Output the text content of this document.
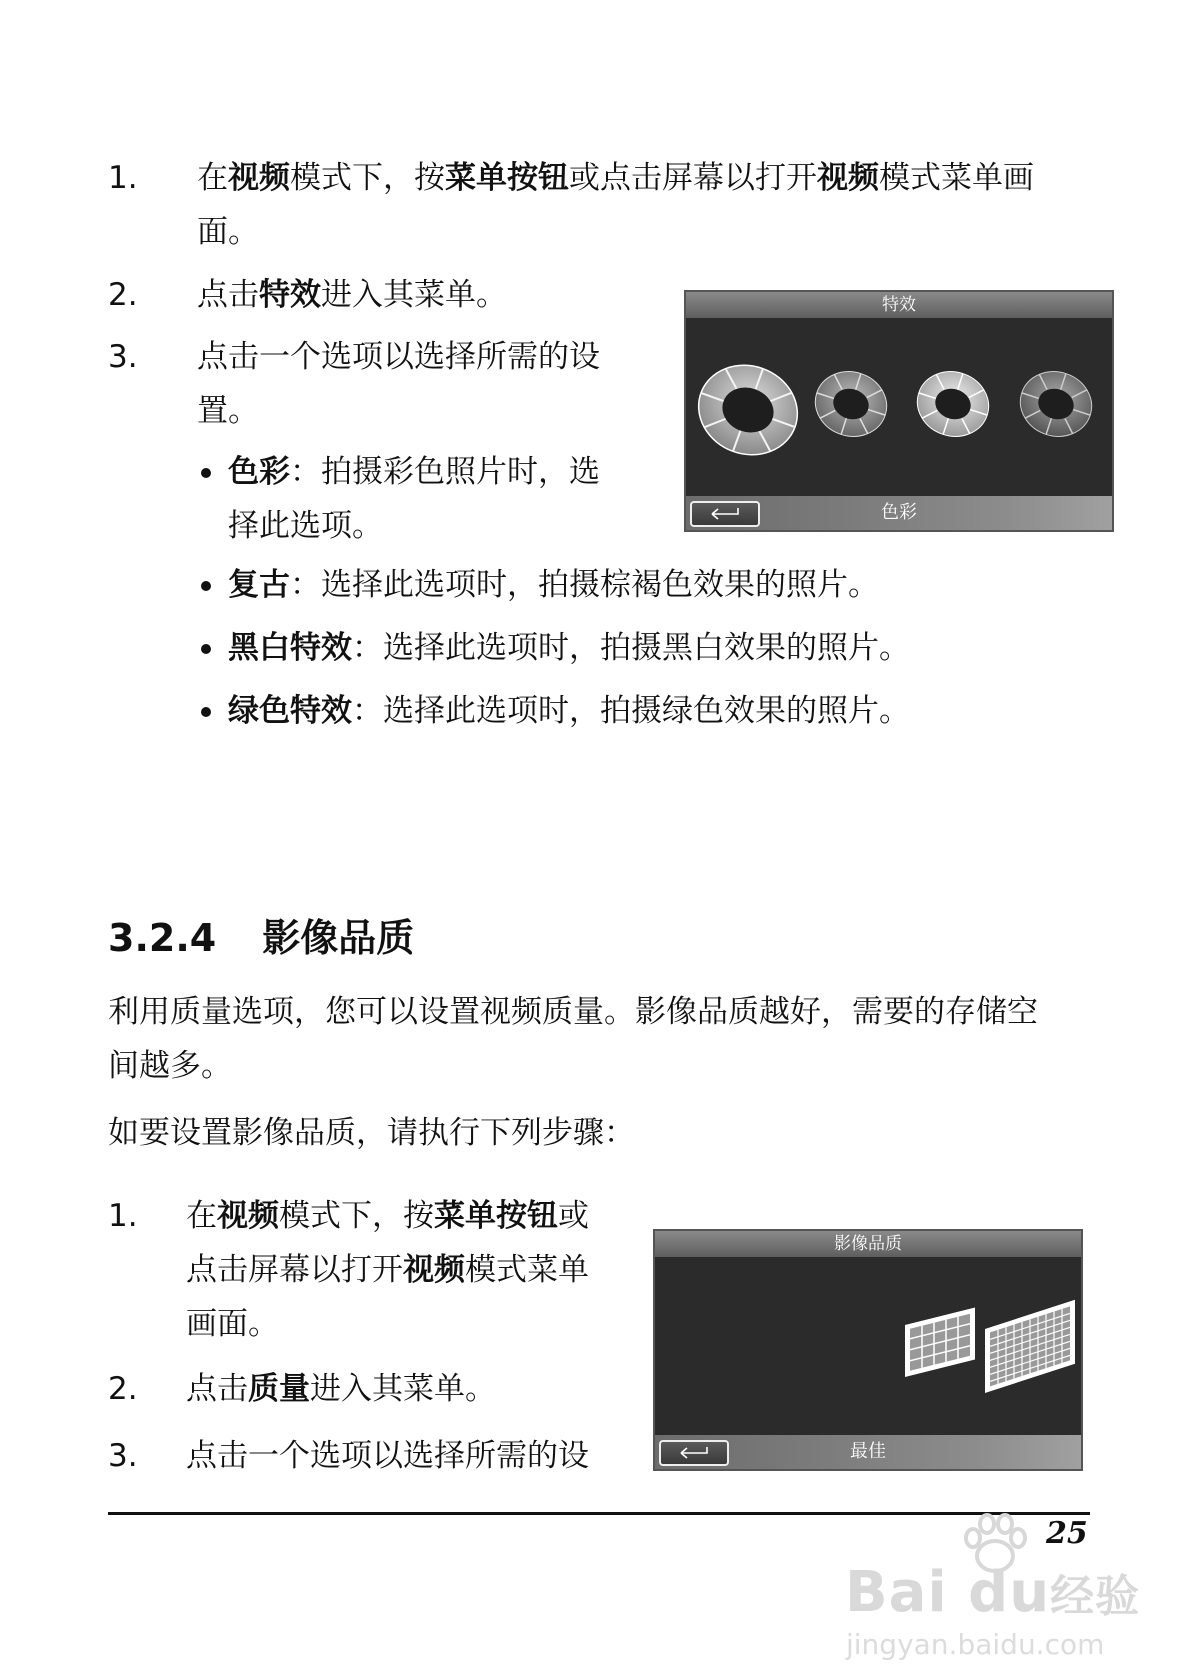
1. 在视频模式下，按菜单按钮或点击屏幕以打开视频模式菜单画
面。
2. 点击特效进入其菜单。
3. 点击一个选项以选择所需的设
置。
色彩：拍摄彩色照片时，选
择此选项。
复古：选择此选项时，拍摄棕褐色效果的照片。
黑白特效：选择此选项时，拍摄黑白效果的照片。
绿色特效：选择此选项时，拍摄绿色效果的照片。
特效
色彩
3.2.4 影像品质
利用质量选项，您可以设置视频质量。影像品质越好，需要的存储空
间越多。
如要设置影像品质，请执行下列步骤：
1. 在视频模式下，按菜单按钮或
点击屏幕以打开视频模式菜单
画面。
2. 点击质量进入其菜单。
3. 点击一个选项以选择所需的设
影像品质
最佳
25
Bai du经验
jingyan.baidu.com
